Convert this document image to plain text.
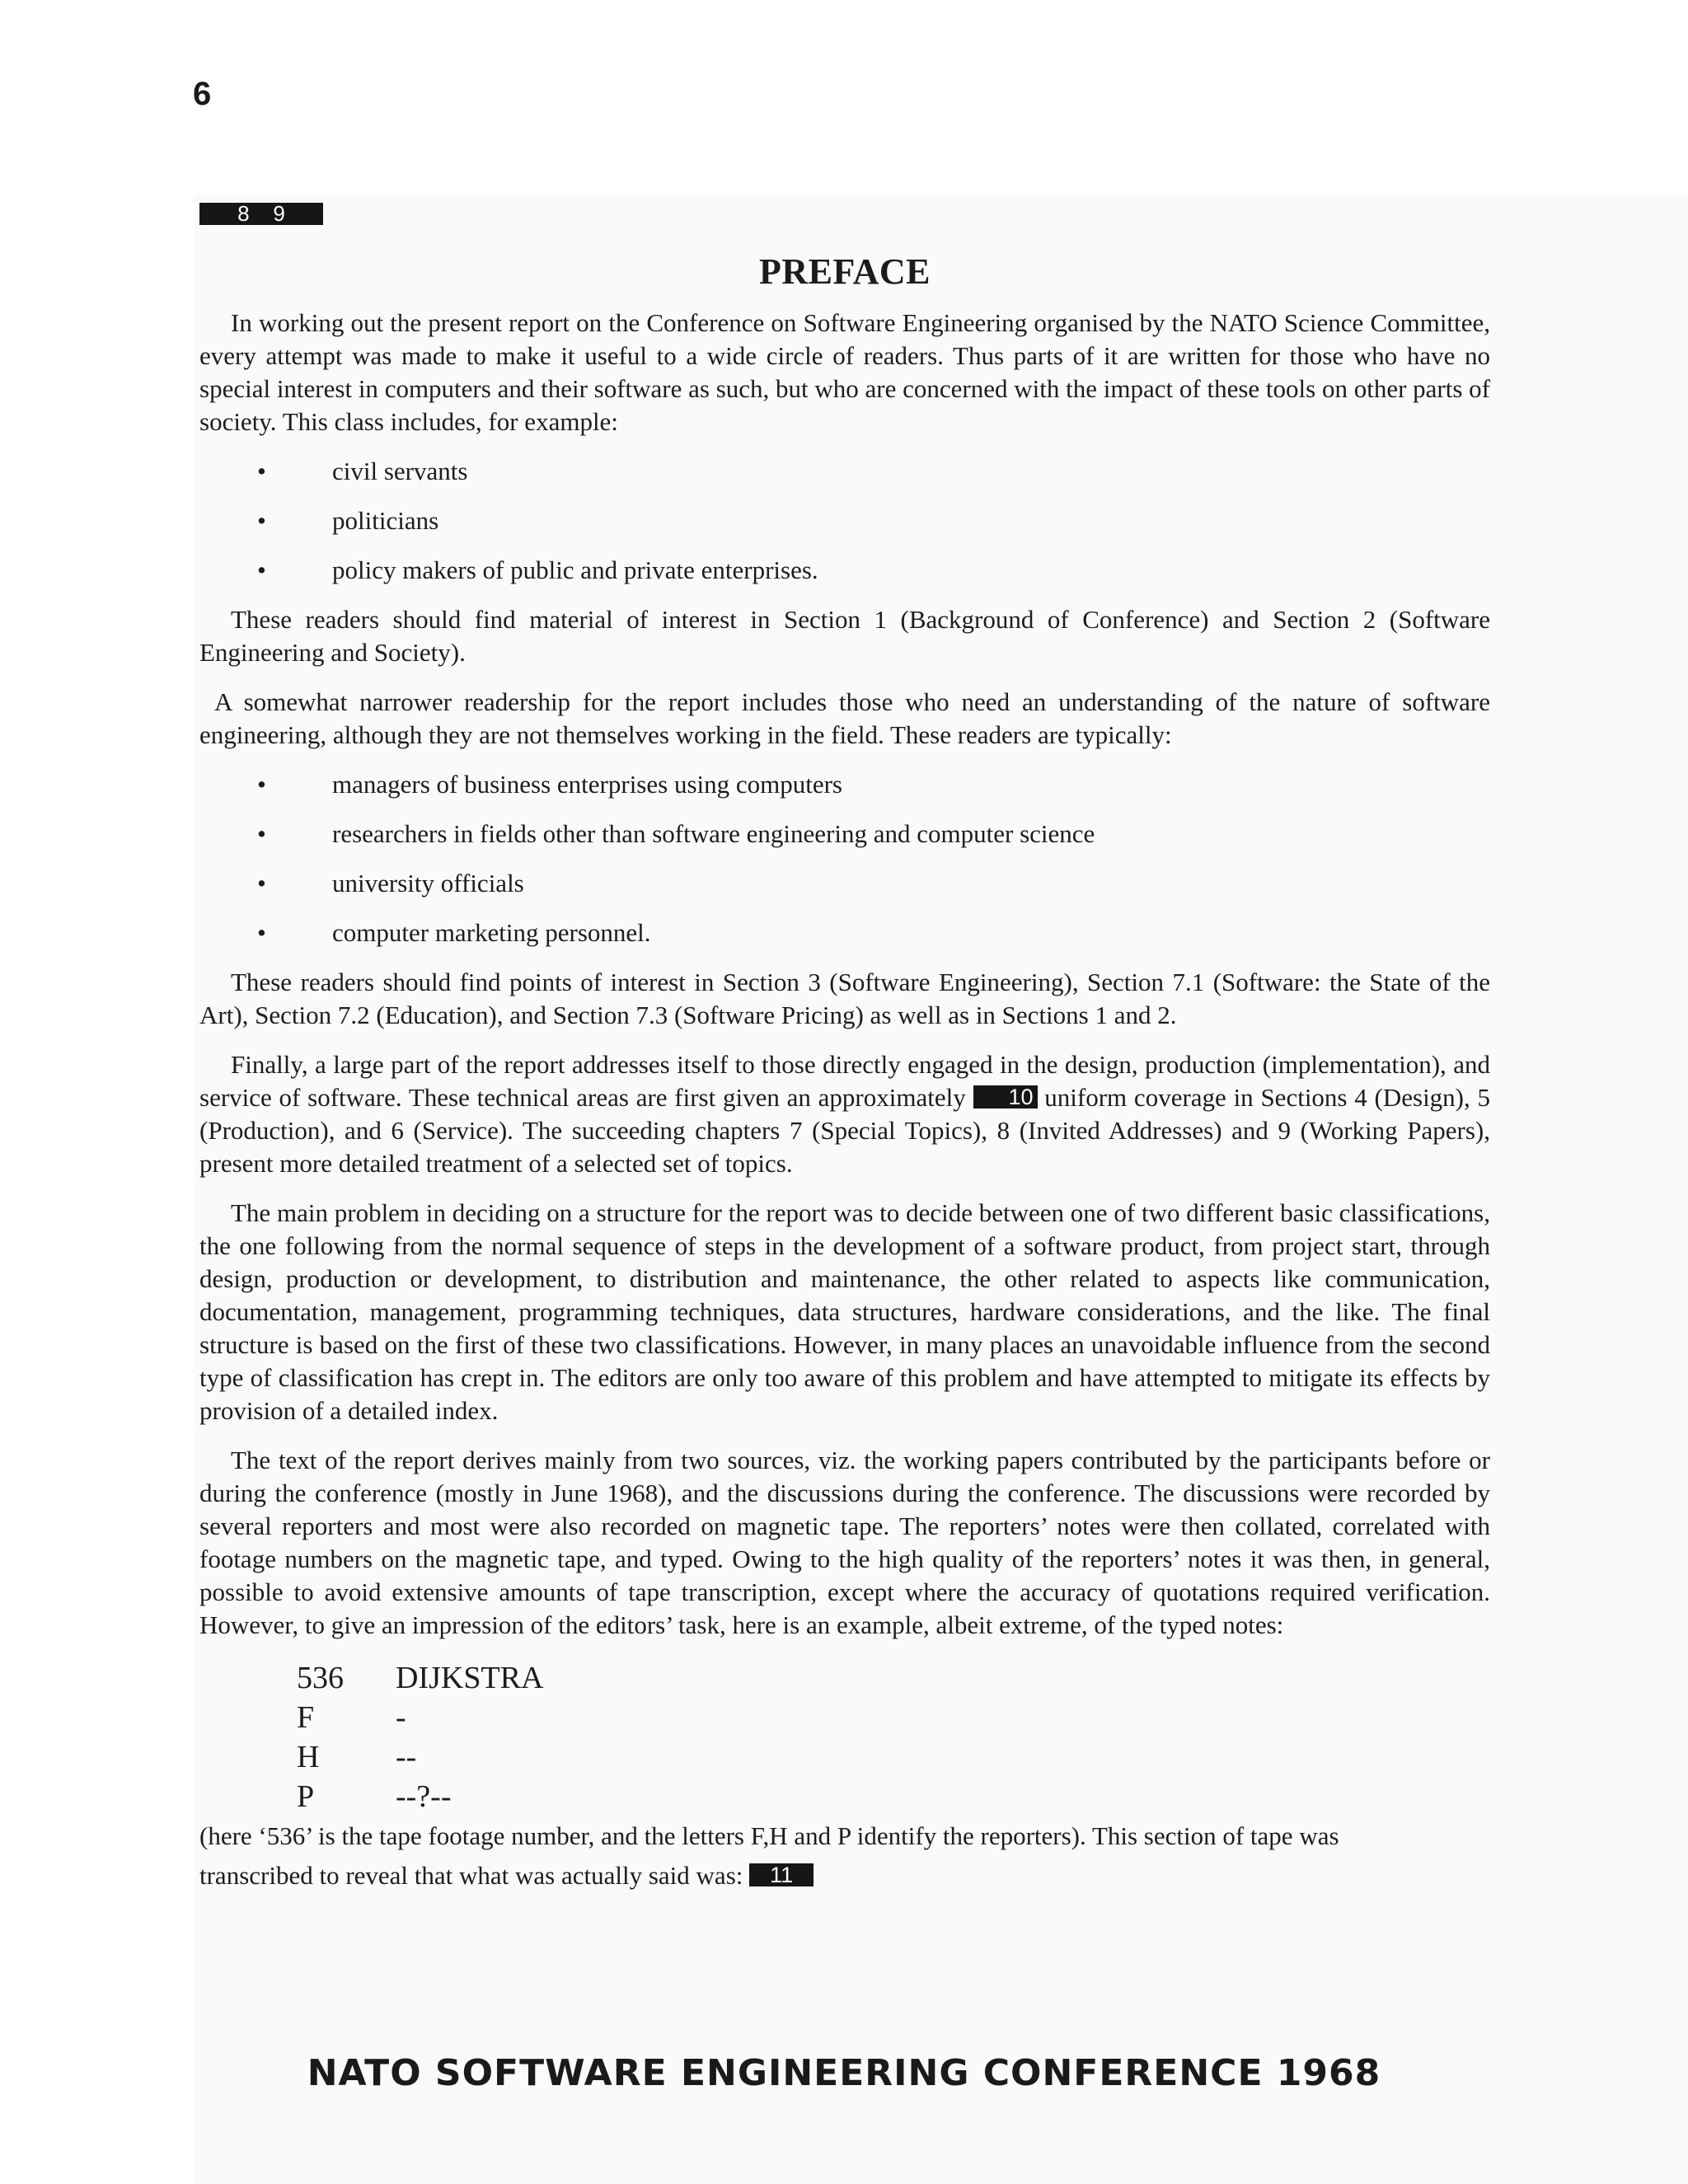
6
8    9
PREFACE

In working out the present report on the Conference on Software Engineering organised by the NATO Science Committee, every attempt was made to make it useful to a wide circle of readers. Thus parts of it are written for those who have no special interest in computers and their software as such, but who are concerned with the impact of these tools on other parts of society. This class includes, for example:

•	civil servants
•	politicians
•	policy makers of public and private enterprises.

These readers should find material of interest in Section 1 (Background of Conference) and Section 2 (Software Engineering and Society).

A somewhat narrower readership for the report includes those who need an understanding of the nature of software engineering, although they are not themselves working in the field. These readers are typically:

•	managers of business enterprises using computers
•	researchers in fields other than software engineering and computer science
•	university officials
•	computer marketing personnel.

These readers should find points of interest in Section 3 (Software Engineering), Section 7.1 (Software: the State of the Art), Section 7.2 (Education), and Section 7.3 (Software Pricing) as well as in Sections 1 and 2.

Finally, a large part of the report addresses itself to those directly engaged in the design, production (implementation), and service of software. These technical areas are first given an approximately 10 uniform coverage in Sections 4 (Design), 5 (Production), and 6 (Service). The succeeding chapters 7 (Special Topics), 8 (Invited Addresses) and 9 (Working Papers), present more detailed treatment of a selected set of topics.

The main problem in deciding on a structure for the report was to decide between one of two different basic classifications, the one following from the normal sequence of steps in the development of a software product, from project start, through design, production or development, to distribution and maintenance, the other related to aspects like communication, documentation, management, programming techniques, data structures, hardware considerations, and the like. The final structure is based on the first of these two classifications. However, in many places an unavoidable influence from the second type of classification has crept in. The editors are only too aware of this problem and have attempted to mitigate its effects by provision of a detailed index.

The text of the report derives mainly from two sources, viz. the working papers contributed by the participants before or during the conference (mostly in June 1968), and the discussions during the conference. The discussions were recorded by several reporters and most were also recorded on magnetic tape. The reporters’ notes were then collated, correlated with footage numbers on the magnetic tape, and typed. Owing to the high quality of the reporters’ notes it was then, in general, possible to avoid extensive amounts of tape transcription, except where the accuracy of quotations required verification. However, to give an impression of the editors’ task, here is an example, albeit extreme, of the typed notes:

536	DIJKSTRA
F	-
H	--
P	--?--

(here ‘536’ is the tape footage number, and the letters F,H and P identify the reporters). This section of tape was
transcribed to reveal that what was actually said was: 11

NATO SOFTWARE ENGINEERING CONFERENCE 1968
